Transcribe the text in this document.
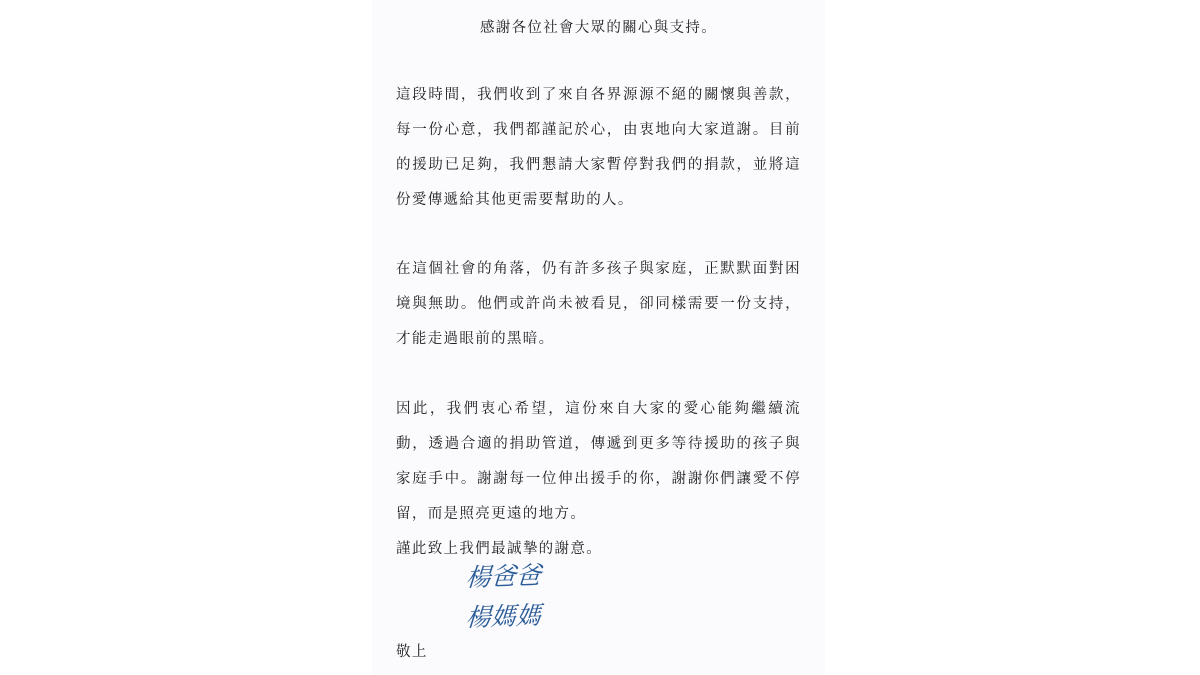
感謝各位社會大眾的關心與支持。
這段時間，我們收到了來自各界源源不絕的關懷與善款，每一份心意，我們都謹記於心，由衷地向大家道謝。目前的援助已足夠，我們懇請大家暫停對我們的捐款，並將這份愛傳遞給其他更需要幫助的人。
在這個社會的角落，仍有許多孩子與家庭，正默默面對困境與無助。他們或許尚未被看見，卻同樣需要一份支持，才能走過眼前的黑暗。
因此，我們衷心希望，這份來自大家的愛心能夠繼續流動，透過合適的捐助管道，傳遞到更多等待援助的孩子與家庭手中。謝謝每一位伸出援手的你，謝謝你們讓愛不停留，而是照亮更遠的地方。
謹此致上我們最誠摯的謝意。
楊爸爸
楊媽媽
敬上
